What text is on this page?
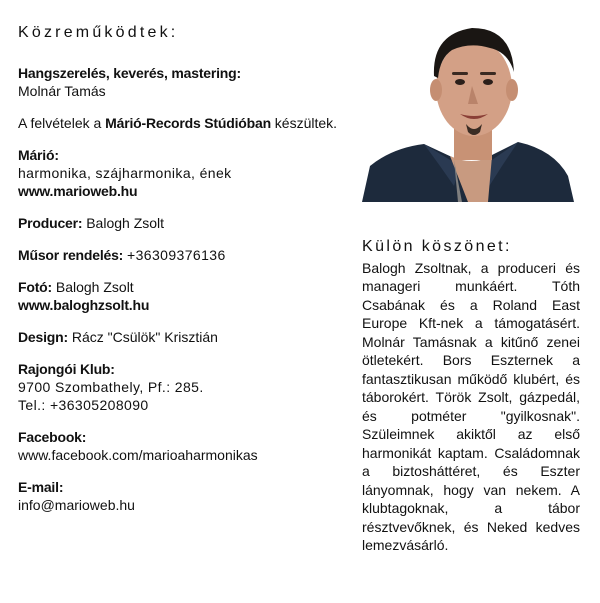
Közreműködtek:
Hangszerelés, keverés, mastering:
Molnár Tamás
A felvételek a Márió-Records Stúdióban készültek.
Márió:
harmonika, szájharmonika, ének
www.marioweb.hu
Producer: Balogh Zsolt
Műsor rendelés: +36309376136
Fotó: Balogh Zsolt
www.baloghzsolt.hu
Design: Rácz "Csülök" Krisztián
Rajongói Klub:
9700 Szombathely, Pf.: 285.
Tel.: +36305208090
Facebook:
www.facebook.com/marioaharmonikas
E-mail:
info@marioweb.hu
Külön köszönet:
Balogh Zsoltnak, a produceri és manageri munkáért. Tóth Csabának és a Roland East Europe Kft-nek a támogatásért. Molnár Tamásnak a kitűnő zenei ötletekért. Bors Eszternek a fantasztikusan működő klubért, és táborokért. Török Zsolt, gázpedál, és potméter "gyilkosnak". Szüleimnek akiktől az első harmonikát kaptam. Családomnak a biztosháttéret, és Eszter lányomnak, hogy van nekem. A klubtagoknak, a tábor résztvevőknek, és Neked kedves lemezvásárló.
